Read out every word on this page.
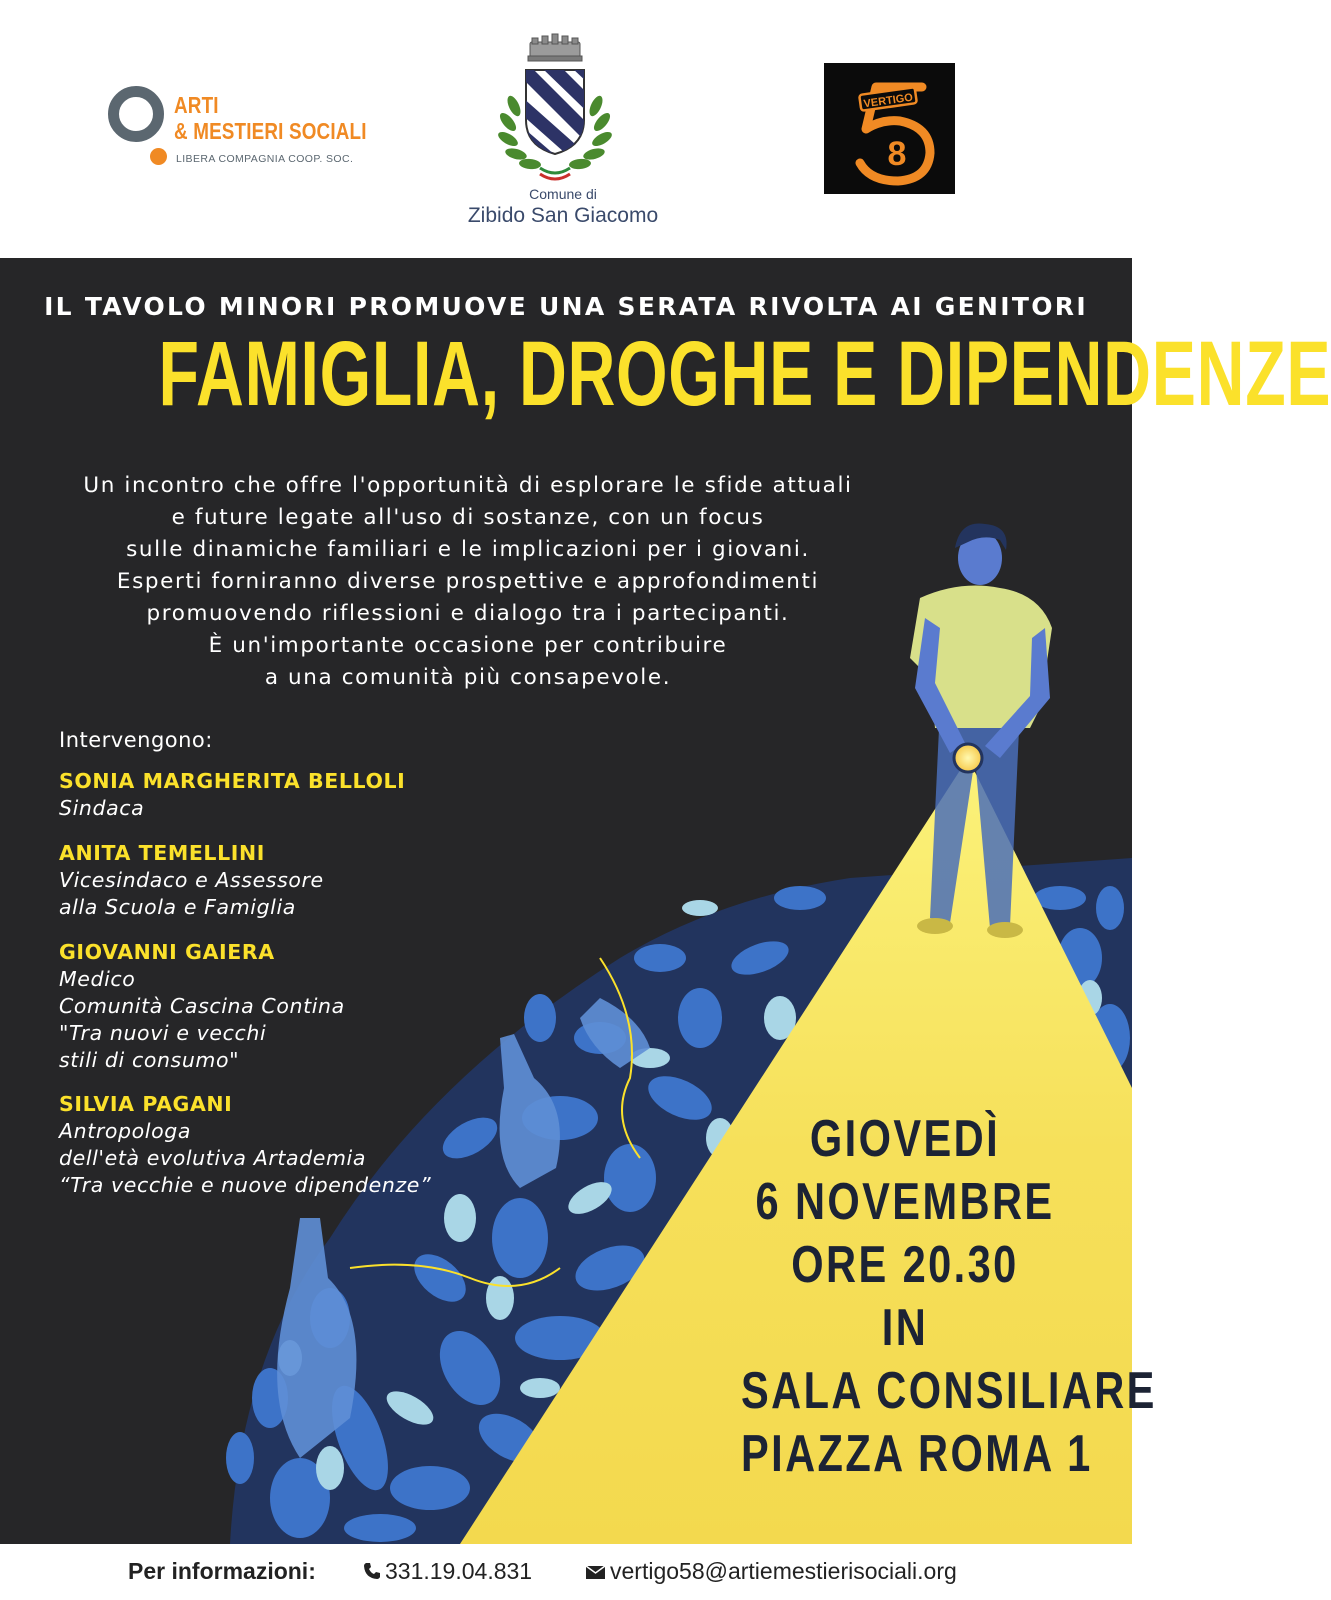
ARTI
& MESTIERI SOCIALI
LIBERA COMPAGNIA COOP. SOC.
Comune di
Zibido San Giacomo
VERTIGO
8
IL TAVOLO MINORI PROMUOVE UNA SERATA RIVOLTA AI GENITORI
FAMIGLIA, DROGHE E DIPENDENZE
Un incontro che offre l'opportunità di esplorare le sfide attuali
e future legate all'uso di sostanze, con un focus
sulle dinamiche familiari e le implicazioni per i giovani.
Esperti forniranno diverse prospettive e approfondimenti
promuovendo riflessioni e dialogo tra i partecipanti.
È un'importante occasione per contribuire
a una comunità più consapevole.
Intervengono:
SONIA MARGHERITA BELLOLI
Sindaca
ANITA TEMELLINI
Vicesindaco e Assessore
alla Scuola e Famiglia
GIOVANNI GAIERA
Medico
Comunità Cascina Contina
"Tra nuovi e vecchi
stili di consumo"
SILVIA PAGANI
Antropologa
dell'età evolutiva Artademia
“Tra vecchie e nuove dipendenze”
GIOVEDÌ
6 NOVEMBRE
ORE 20.30
IN
SALA CONSILIARE
PIAZZA ROMA 1
Per informazioni:	331.19.04.831	vertigo58@artiemestierisociali.org
